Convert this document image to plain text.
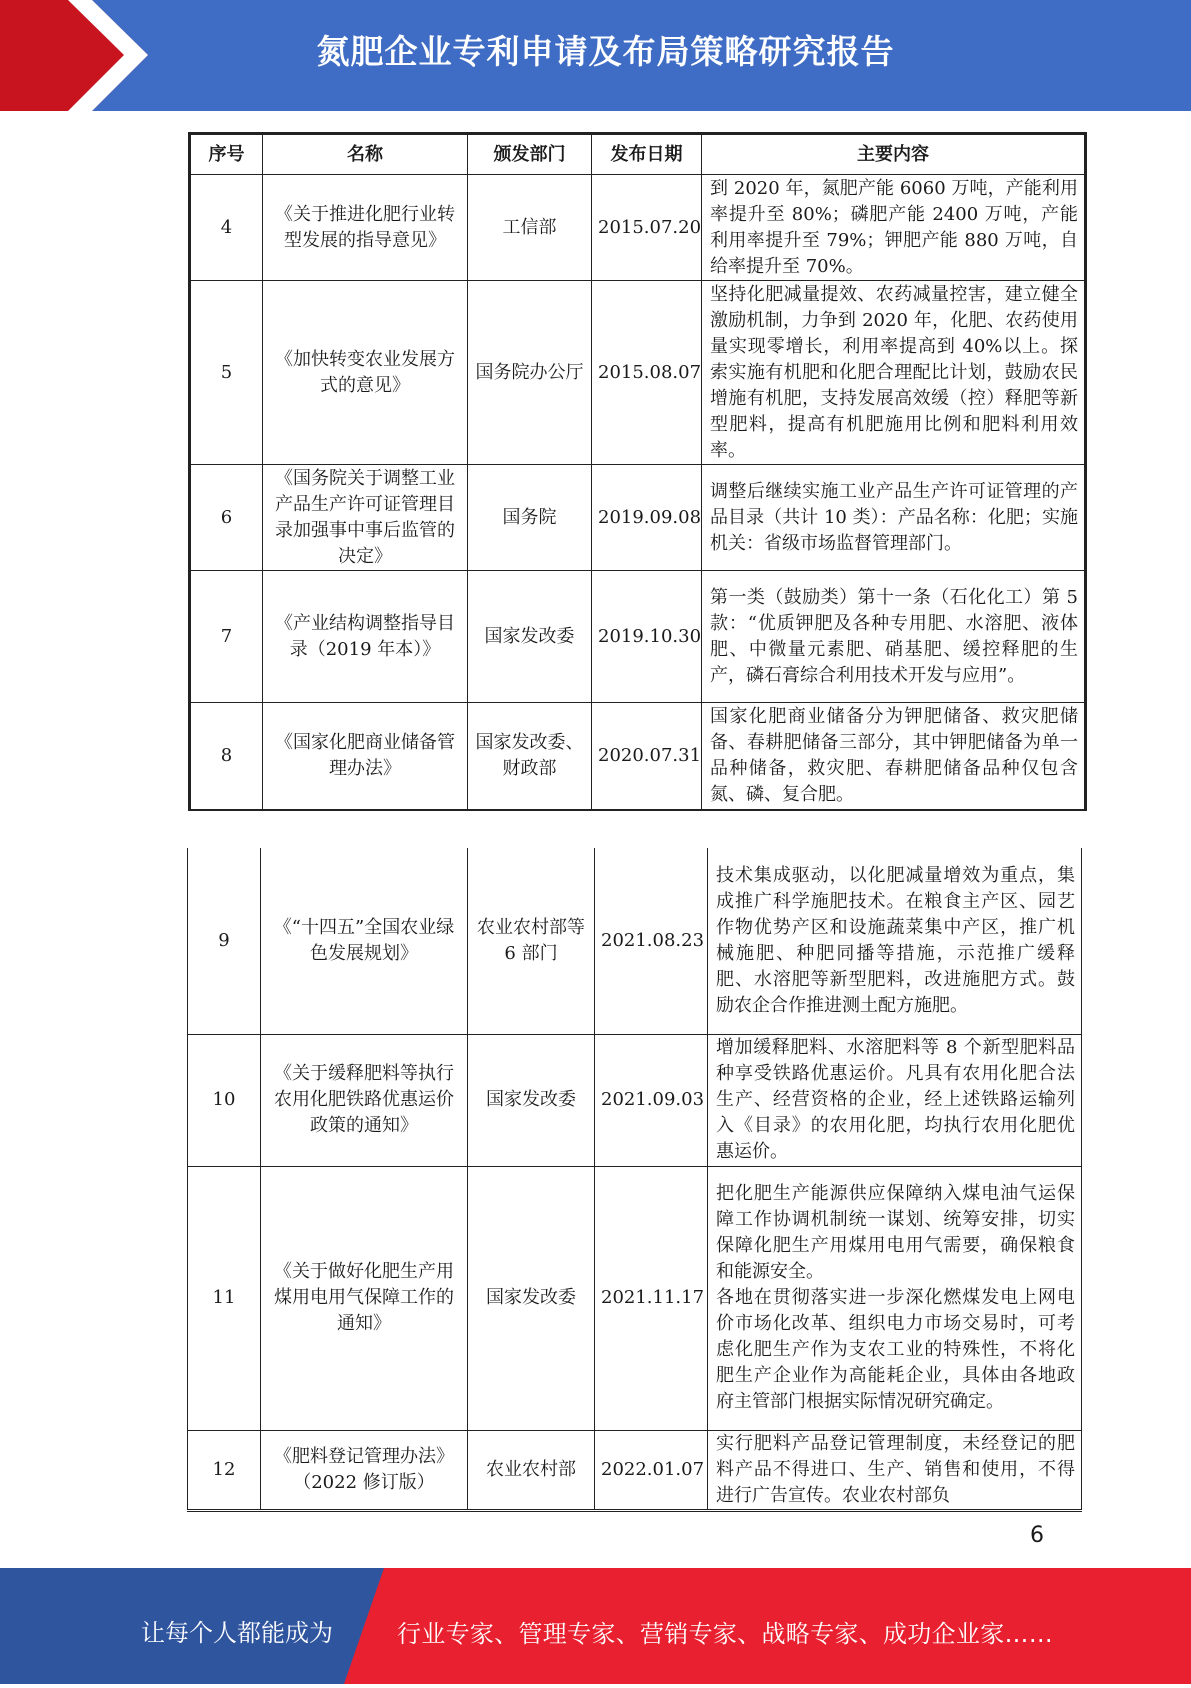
氮肥企业专利申请及布局策略研究报告
序号	名称	颁发部门	发布日期	主要内容
4	《关于推进化肥行业转型发展的指导意见》	工信部	2015.07.20	到 2020 年，氮肥产能 6060 万吨，产能利用率提升至 80%；磷肥产能 2400 万吨，产能利用率提升至 79%；钾肥产能 880 万吨，自给率提升至 70%。
5	《加快转变农业发展方式的意见》	国务院办公厅	2015.08.07	坚持化肥减量提效、农药减量控害，建立健全激励机制，力争到 2020 年，化肥、农药使用量实现零增长，利用率提高到 40%以上。探索实施有机肥和化肥合理配比计划，鼓励农民增施有机肥，支持发展高效缓（控）释肥等新型肥料，提高有机肥施用比例和肥料利用效率。
6	《国务院关于调整工业产品生产许可证管理目录加强事中事后监管的决定》	国务院	2019.09.08	调整后继续实施工业产品生产许可证管理的产品目录（共计 10 类）：产品名称：化肥；实施机关：省级市场监督管理部门。
7	《产业结构调整指导目录（2019 年本）》	国家发改委	2019.10.30	第一类（鼓励类）第十一条（石化化工）第 5 款：“优质钾肥及各种专用肥、水溶肥、液体肥、中微量元素肥、硝基肥、缓控释肥的生产，磷石膏综合利用技术开发与应用”。
8	《国家化肥商业储备管理办法》	国家发改委、财政部	2020.07.31	国家化肥商业储备分为钾肥储备、救灾肥储备、春耕肥储备三部分，其中钾肥储备为单一品种储备，救灾肥、春耕肥储备品种仅包含氮、磷、复合肥。
9	《“十四五”全国农业绿色发展规划》	农业农村部等 6 部门	2021.08.23	技术集成驱动，以化肥减量增效为重点，集成推广科学施肥技术。在粮食主产区、园艺作物优势产区和设施蔬菜集中产区，推广机械施肥、种肥同播等措施，示范推广缓释肥、水溶肥等新型肥料，改进施肥方式。鼓励农企合作推进测土配方施肥。
10	《关于缓释肥料等执行农用化肥铁路优惠运价政策的通知》	国家发改委	2021.09.03	增加缓释肥料、水溶肥料等 8 个新型肥料品种享受铁路优惠运价。凡具有农用化肥合法生产、经营资格的企业，经上述铁路运输列入《目录》的农用化肥，均执行农用化肥优惠运价。
11	《关于做好化肥生产用煤用电用气保障工作的通知》	国家发改委	2021.11.17	把化肥生产能源供应保障纳入煤电油气运保障工作协调机制统一谋划、统筹安排，切实保障化肥生产用煤用电用气需要，确保粮食和能源安全。
各地在贯彻落实进一步深化燃煤发电上网电价市场化改革、组织电力市场交易时，可考虑化肥生产作为支农工业的特殊性，不将化肥生产企业作为高能耗企业，具体由各地政府主管部门根据实际情况研究确定。

12	《肥料登记管理办法》（2022 修订版）	农业农村部	2022.01.07	实行肥料产品登记管理制度，未经登记的肥料产品不得进口、生产、销售和使用，不得进行广告宣传。农业农村部负
6
让每个人都能成为	行业专家、管理专家、营销专家、战略专家、成功企业家……
